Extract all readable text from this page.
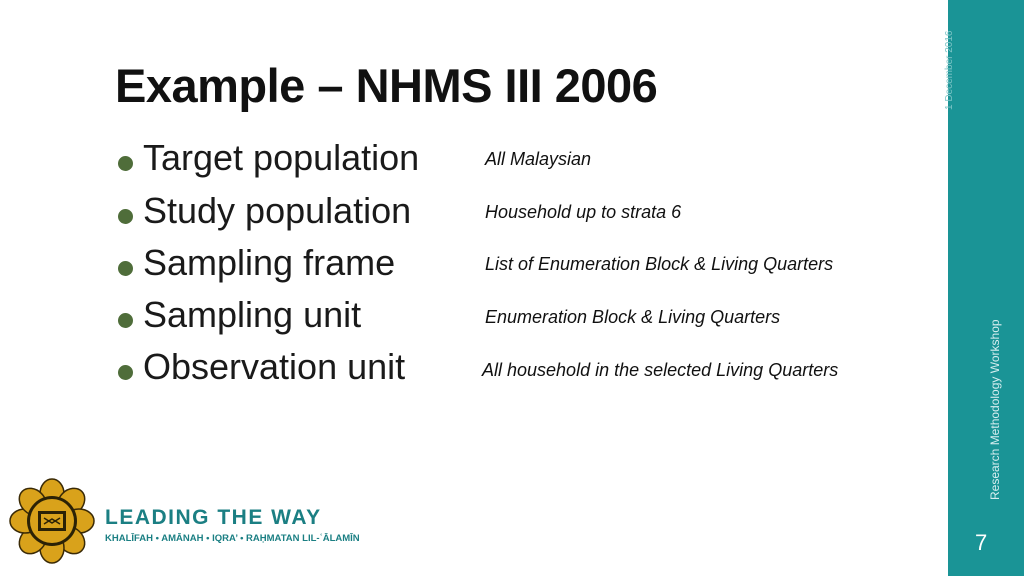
Example – NHMS III 2006
Target population	All Malaysian
Study population	Household up to strata 6
Sampling frame	List of Enumeration Block & Living Quarters
Sampling unit	Enumeration Block & Living Quarters
Observation unit	All household in the selected Living Quarters
LEADING THE WAY
KHALĪFAH • AMĀNAH • IQRA’ • RAḤMATAN LIL-ʿĀLAMĪN
1 December 2016
Research Methodology Workshop
7
